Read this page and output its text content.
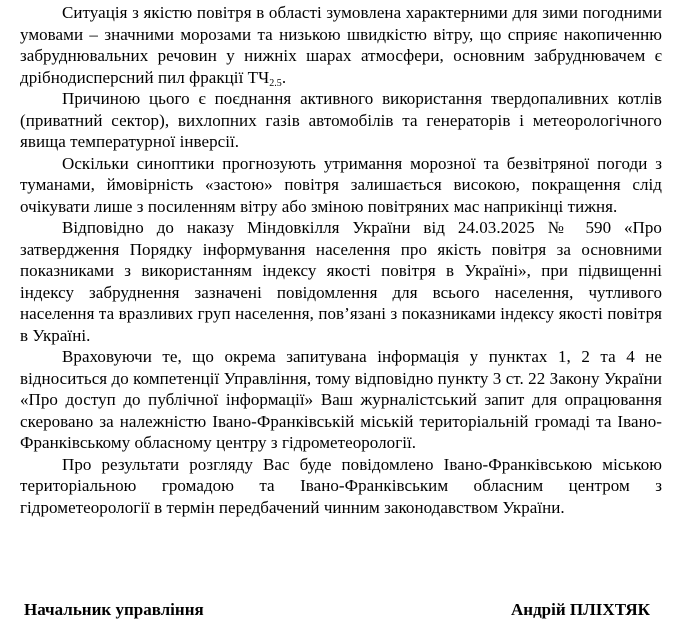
Ситуація з якістю повітря в області зумовлена характерними для зими погодними умовами – значними морозами та низькою швидкістю вітру, що сприяє накопиченню забруднювальних речовин у нижніх шарах атмосфери, основним забруднювачем є дрібнодисперсний пил фракції $ТЧ_{2.5}$.

Причиною цього є поєднання активного використання твердопаливних котлів (приватний сектор), вихлопних газів автомобілів та генераторів і метеорологічного явища температурної інверсії.

Оскільки синоптики прогнозують утримання морозної та безвітряної погоди з туманами, ймовірність «застою» повітря залишається високою, покращення слід очікувати лише з посиленням вітру або зміною повітряних мас наприкінці тижня.

Відповідно до наказу Міндовкілля України від 24.03.2025 № 590 «Про затвердження Порядку інформування населення про якість повітря за основними показниками з використанням індексу якості повітря в Україні», при підвищенні індексу забруднення зазначені повідомлення для всього населення, чутливого населення та вразливих груп населення, пов’язані з показниками індексу якості повітря в Україні.

Враховуючи те, що окрема запитувана інформація у пунктах 1, 2 та 4 не відноситься до компетенції Управління, тому відповідно пункту 3 ст. 22 Закону України «Про доступ до публічної інформації» Ваш журналістський запит для опрацювання скеровано за належністю Івано-Франківській міській територіальній громаді та Івано-Франківському обласному центру з гідрометеорології.

Про результати розгляду Вас буде повідомлено Івано-Франківською міською територіальною громадою та Івано-Франківським обласним центром з гідрометеорології в термін передбачений чинним законодавством України.

Начальник управління	Андрій ПЛІХТЯК
